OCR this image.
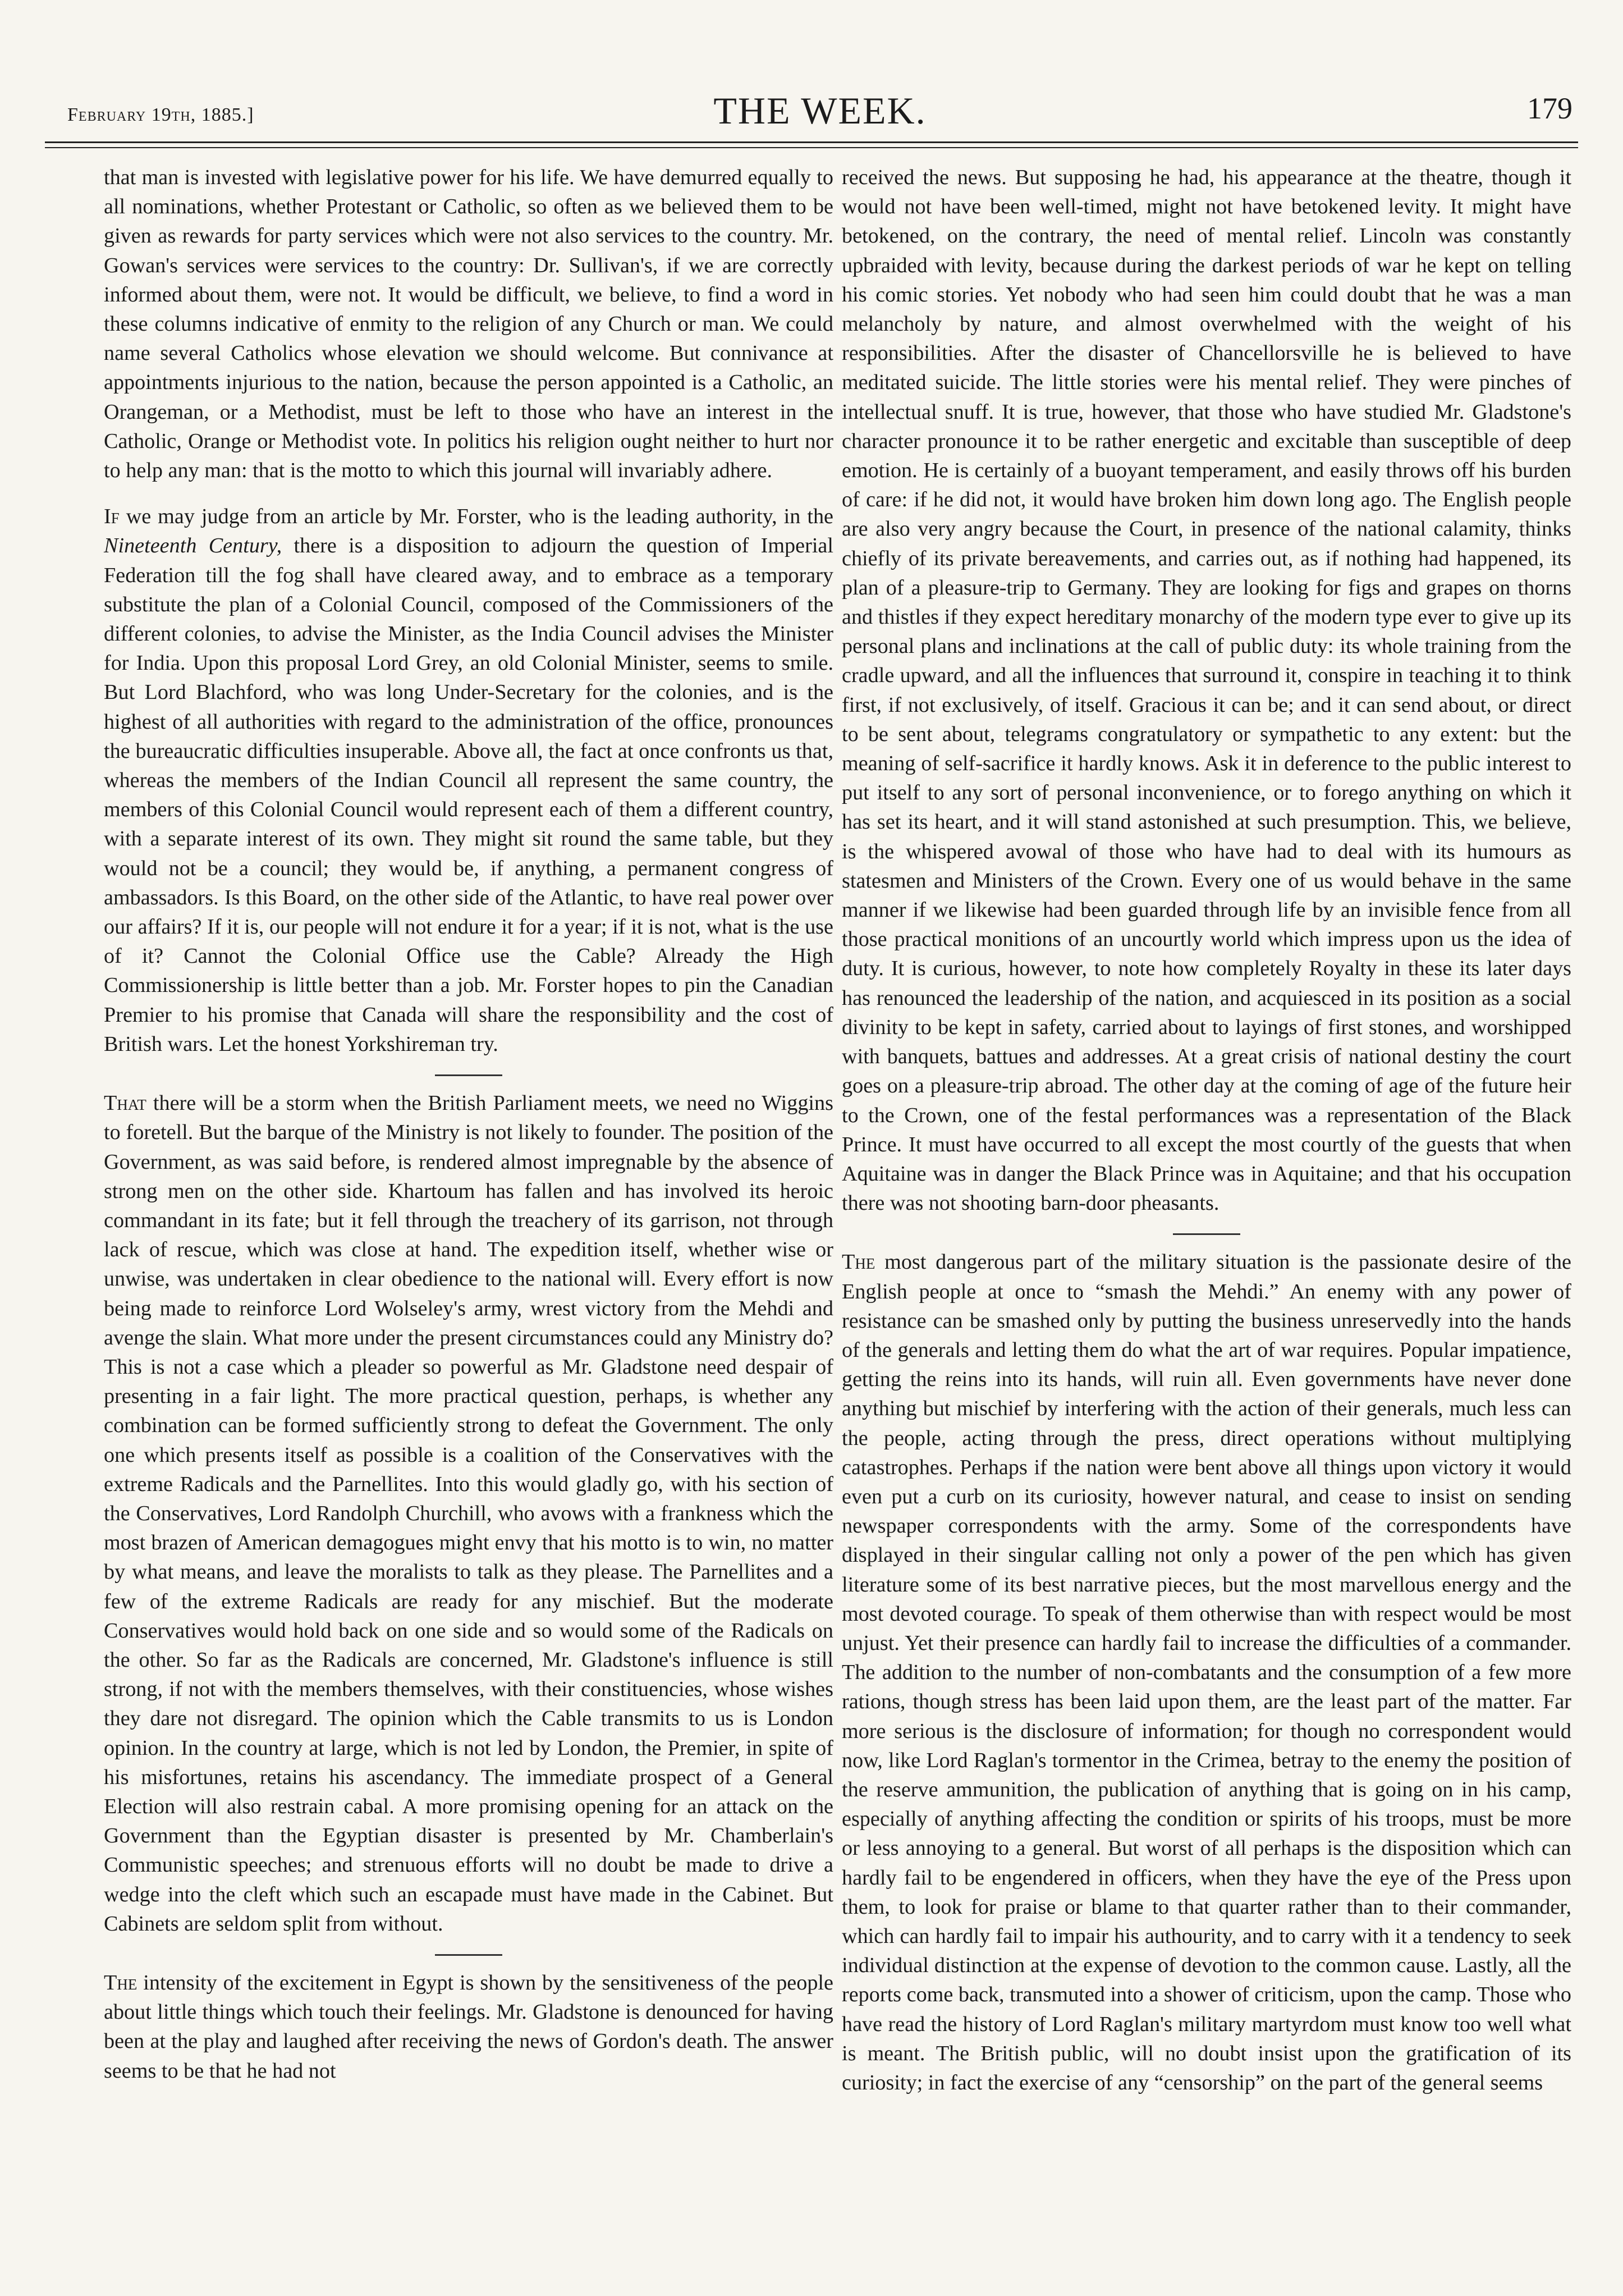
February 19th, 1885.]	THE WEEK.	179

that man is invested with legislative power for his life. We have demurred equally to all nominations, whether Protestant or Catholic, so often as we believed them to be given as rewards for party services which were not also services to the country. Mr. Gowan's services were services to the country: Dr. Sullivan's, if we are correctly informed about them, were not. It would be difficult, we believe, to find a word in these columns indicative of enmity to the religion of any Church or man. We could name several Catholics whose elevation we should welcome. But connivance at appointments injurious to the nation, because the person appointed is a Catholic, an Orangeman, or a Methodist, must be left to those who have an interest in the Catholic, Orange or Methodist vote. In politics his religion ought neither to hurt nor to help any man: that is the motto to which this journal will invariably adhere.

If we may judge from an article by Mr. Forster, who is the leading authority, in the Nineteenth Century, there is a disposition to adjourn the question of Imperial Federation till the fog shall have cleared away, and to embrace as a temporary substitute the plan of a Colonial Council, composed of the Commissioners of the different colonies, to advise the Minister, as the India Council advises the Minister for India. Upon this proposal Lord Grey, an old Colonial Minister, seems to smile. But Lord Blachford, who was long Under-Secretary for the colonies, and is the highest of all authorities with regard to the administration of the office, pronounces the bureaucratic difficulties insuperable. Above all, the fact at once confronts us that, whereas the members of the Indian Council all represent the same country, the members of this Colonial Council would represent each of them a different country, with a separate interest of its own. They might sit round the same table, but they would not be a council; they would be, if anything, a permanent congress of ambassadors. Is this Board, on the other side of the Atlantic, to have real power over our affairs? If it is, our people will not endure it for a year; if it is not, what is the use of it? Cannot the Colonial Office use the Cable? Already the High Commissionership is little better than a job. Mr. Forster hopes to pin the Canadian Premier to his promise that Canada will share the responsibility and the cost of British wars. Let the honest Yorkshireman try.

That there will be a storm when the British Parliament meets, we need no Wiggins to foretell. But the barque of the Ministry is not likely to founder. The position of the Government, as was said before, is rendered almost impregnable by the absence of strong men on the other side. Khartoum has fallen and has involved its heroic commandant in its fate; but it fell through the treachery of its garrison, not through lack of rescue, which was close at hand. The expedition itself, whether wise or unwise, was undertaken in clear obedience to the national will. Every effort is now being made to reinforce Lord Wolseley's army, wrest victory from the Mehdi and avenge the slain. What more under the present circumstances could any Ministry do? This is not a case which a pleader so powerful as Mr. Gladstone need despair of presenting in a fair light. The more practical question, perhaps, is whether any combination can be formed sufficiently strong to defeat the Government. The only one which presents itself as possible is a coalition of the Conservatives with the extreme Radicals and the Parnellites. Into this would gladly go, with his section of the Conservatives, Lord Randolph Churchill, who avows with a frankness which the most brazen of American demagogues might envy that his motto is to win, no matter by what means, and leave the moralists to talk as they please. The Parnellites and a few of the extreme Radicals are ready for any mischief. But the moderate Conservatives would hold back on one side and so would some of the Radicals on the other. So far as the Radicals are concerned, Mr. Gladstone's influence is still strong, if not with the members themselves, with their constituencies, whose wishes they dare not disregard. The opinion which the Cable transmits to us is London opinion. In the country at large, which is not led by London, the Premier, in spite of his misfortunes, retains his ascendancy. The immediate prospect of a General Election will also restrain cabal. A more promising opening for an attack on the Government than the Egyptian disaster is presented by Mr. Chamberlain's Communistic speeches; and strenuous efforts will no doubt be made to drive a wedge into the cleft which such an escapade must have made in the Cabinet. But Cabinets are seldom split from without.

The intensity of the excitement in Egypt is shown by the sensitiveness of the people about little things which touch their feelings. Mr. Gladstone is denounced for having been at the play and laughed after receiving the news of Gordon's death. The answer seems to be that he had not

received the news. But supposing he had, his appearance at the theatre, though it would not have been well-timed, might not have betokened levity. It might have betokened, on the contrary, the need of mental relief. Lincoln was constantly upbraided with levity, because during the darkest periods of war he kept on telling his comic stories. Yet nobody who had seen him could doubt that he was a man melancholy by nature, and almost overwhelmed with the weight of his responsibilities. After the disaster of Chancellorsville he is believed to have meditated suicide. The little stories were his mental relief. They were pinches of intellectual snuff. It is true, however, that those who have studied Mr. Gladstone's character pronounce it to be rather energetic and excitable than susceptible of deep emotion. He is certainly of a buoyant temperament, and easily throws off his burden of care: if he did not, it would have broken him down long ago. The English people are also very angry because the Court, in presence of the national calamity, thinks chiefly of its private bereavements, and carries out, as if nothing had happened, its plan of a pleasure-trip to Germany. They are looking for figs and grapes on thorns and thistles if they expect hereditary monarchy of the modern type ever to give up its personal plans and inclinations at the call of public duty: its whole training from the cradle upward, and all the influences that surround it, conspire in teaching it to think first, if not exclusively, of itself. Gracious it can be; and it can send about, or direct to be sent about, telegrams congratulatory or sympathetic to any extent: but the meaning of self-sacrifice it hardly knows. Ask it in deference to the public interest to put itself to any sort of personal inconvenience, or to forego anything on which it has set its heart, and it will stand astonished at such presumption. This, we believe, is the whispered avowal of those who have had to deal with its humours as statesmen and Ministers of the Crown. Every one of us would behave in the same manner if we likewise had been guarded through life by an invisible fence from all those practical monitions of an uncourtly world which impress upon us the idea of duty. It is curious, however, to note how completely Royalty in these its later days has renounced the leadership of the nation, and acquiesced in its position as a social divinity to be kept in safety, carried about to layings of first stones, and worshipped with banquets, battues and addresses. At a great crisis of national destiny the court goes on a pleasure-trip abroad. The other day at the coming of age of the future heir to the Crown, one of the festal performances was a representation of the Black Prince. It must have occurred to all except the most courtly of the guests that when Aquitaine was in danger the Black Prince was in Aquitaine; and that his occupation there was not shooting barn-door pheasants.

The most dangerous part of the military situation is the passionate desire of the English people at once to “smash the Mehdi.” An enemy with any power of resistance can be smashed only by putting the business unreservedly into the hands of the generals and letting them do what the art of war requires. Popular impatience, getting the reins into its hands, will ruin all. Even governments have never done anything but mischief by interfering with the action of their generals, much less can the people, acting through the press, direct operations without multiplying catastrophes. Perhaps if the nation were bent above all things upon victory it would even put a curb on its curiosity, however natural, and cease to insist on sending newspaper correspondents with the army. Some of the correspondents have displayed in their singular calling not only a power of the pen which has given literature some of its best narrative pieces, but the most marvellous energy and the most devoted courage. To speak of them otherwise than with respect would be most unjust. Yet their presence can hardly fail to increase the difficulties of a commander. The addition to the number of non-combatants and the consumption of a few more rations, though stress has been laid upon them, are the least part of the matter. Far more serious is the disclosure of information; for though no correspondent would now, like Lord Raglan's tormentor in the Crimea, betray to the enemy the position of the reserve ammunition, the publication of anything that is going on in his camp, especially of anything affecting the condition or spirits of his troops, must be more or less annoying to a general. But worst of all perhaps is the disposition which can hardly fail to be engendered in officers, when they have the eye of the Press upon them, to look for praise or blame to that quarter rather than to their commander, which can hardly fail to impair his authourity, and to carry with it a tendency to seek individual distinction at the expense of devotion to the common cause. Lastly, all the reports come back, transmuted into a shower of criticism, upon the camp. Those who have read the history of Lord Raglan's military martyrdom must know too well what is meant. The British public, will no doubt insist upon the gratification of its curiosity; in fact the exercise of any “censorship” on the part of the general seems
